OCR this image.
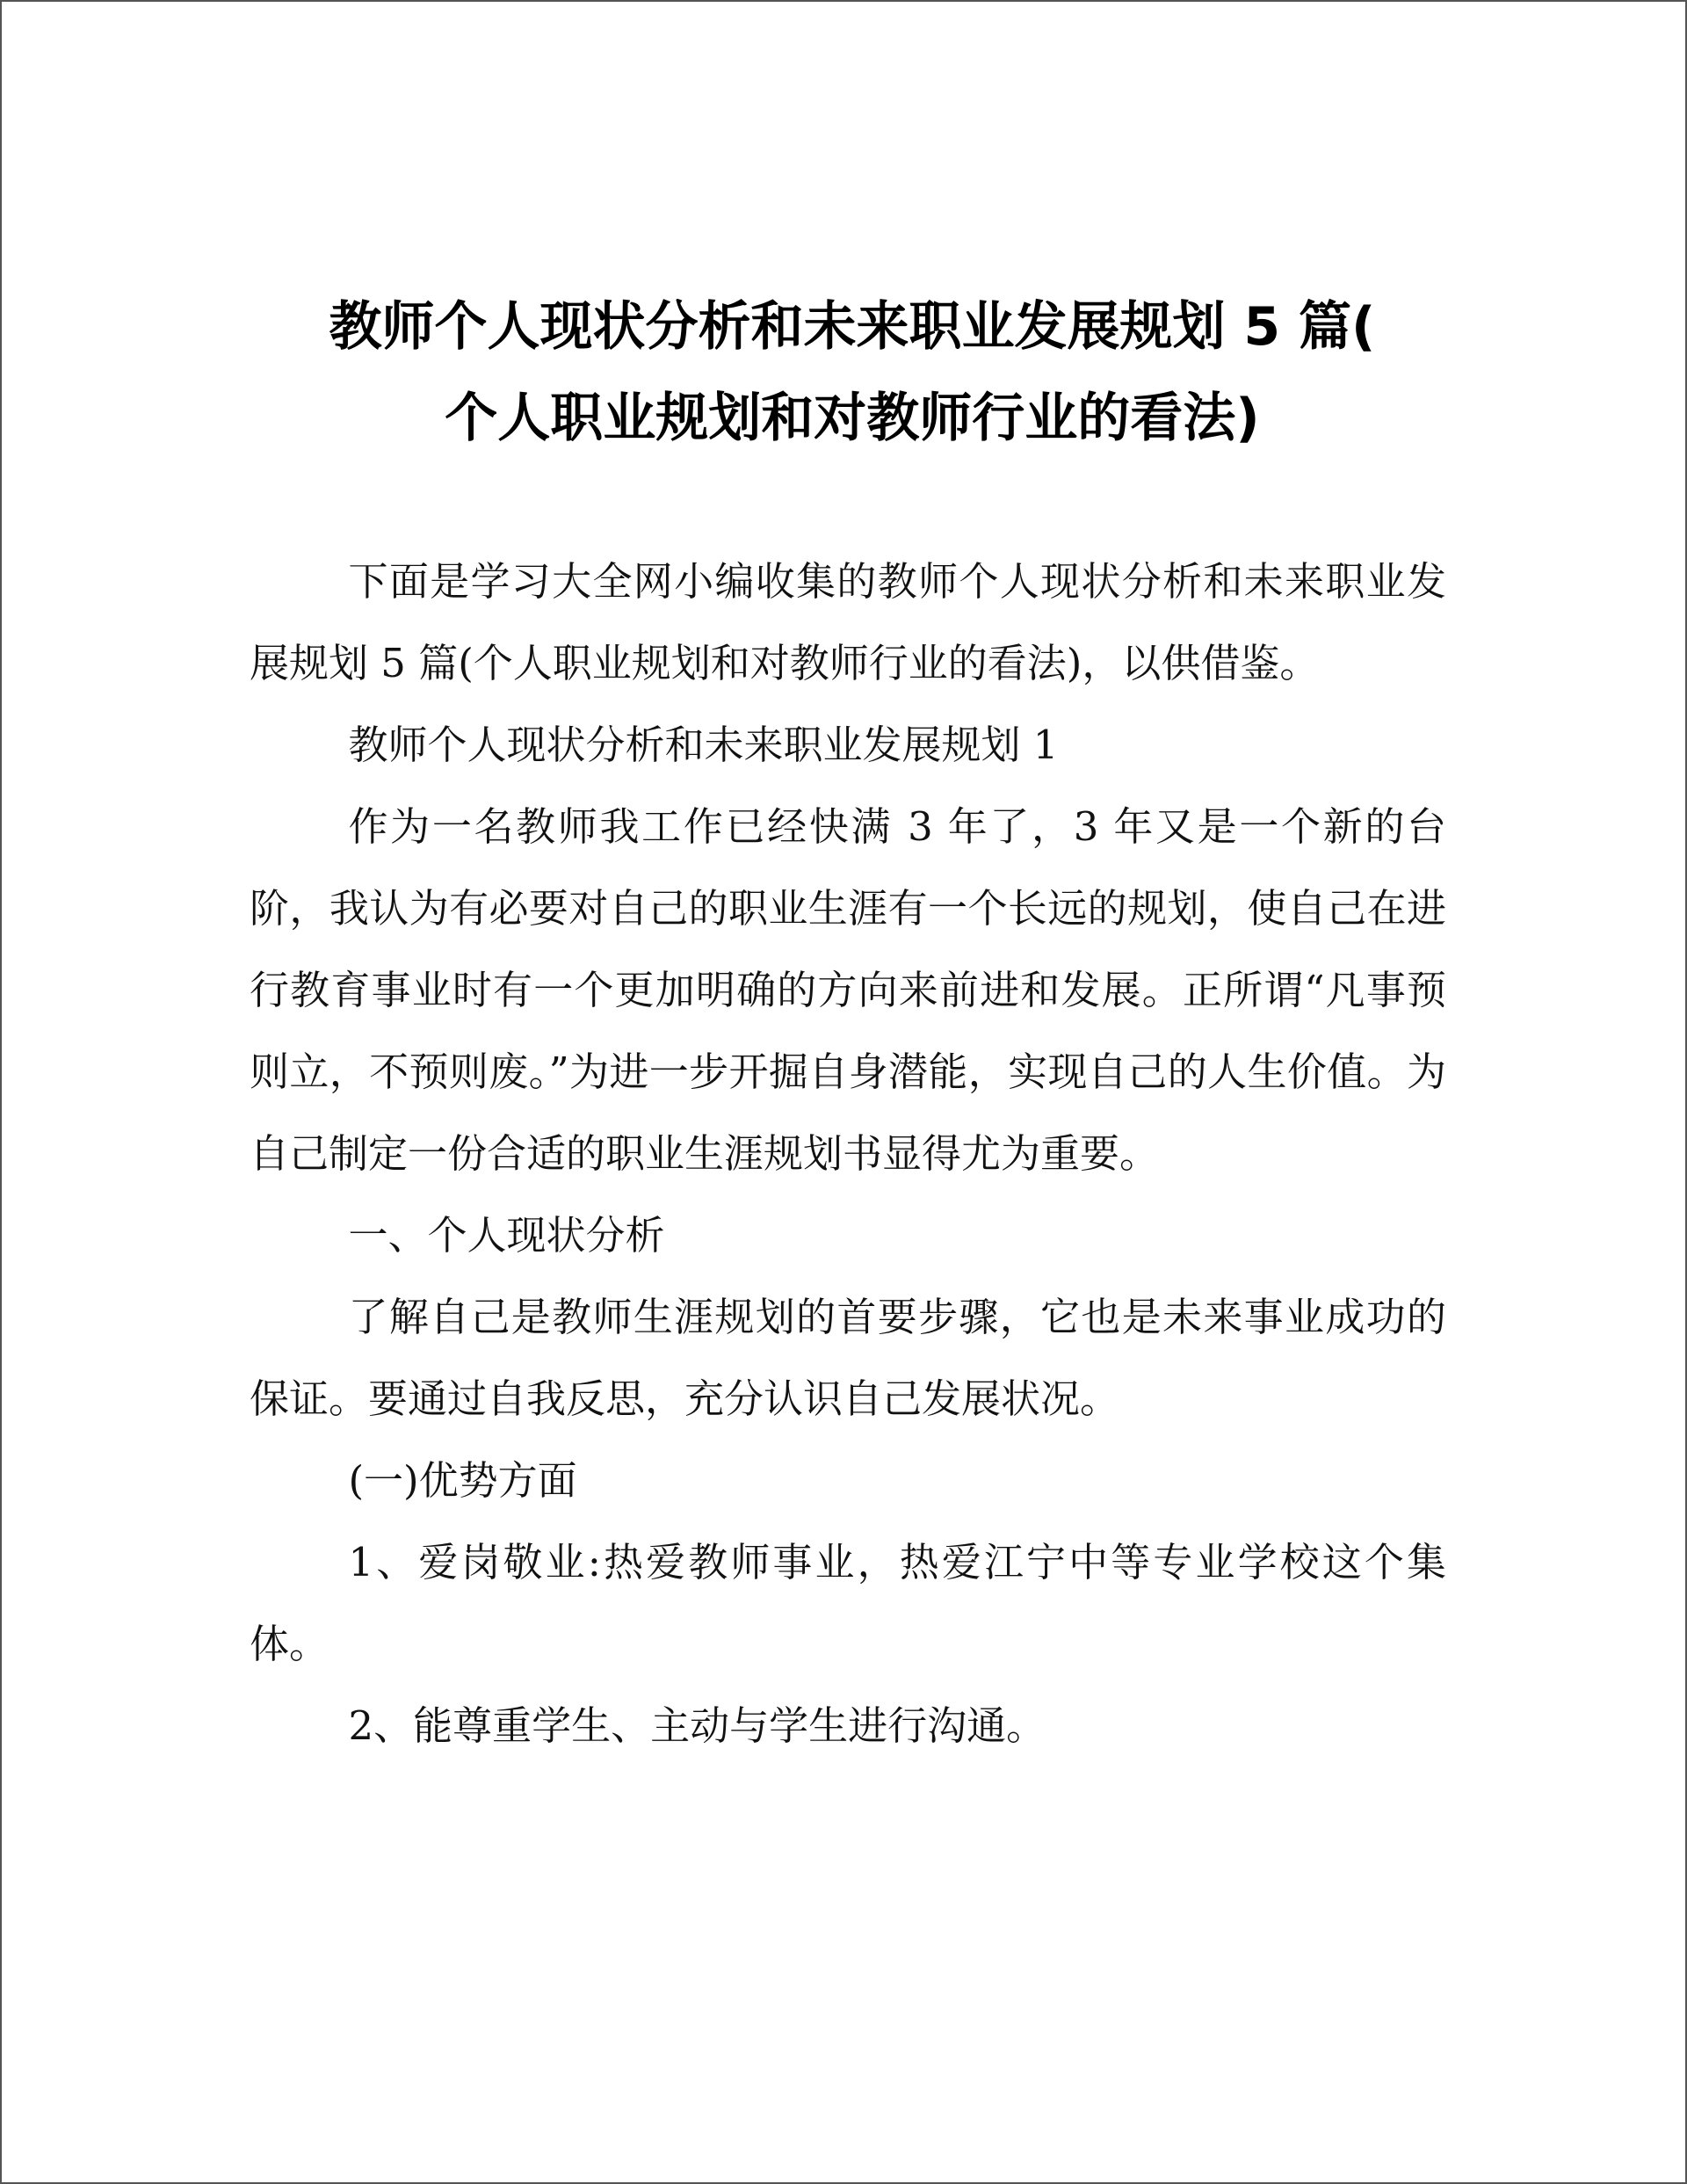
教师个人现状分析和未来职业发展规划 5 篇(
个人职业规划和对教师行业的看法)

下面是学习大全网小编收集的教师个人现状分析和未来职业发展规划 5 篇(个人职业规划和对教师行业的看法)，以供借鉴。

教师个人现状分析和未来职业发展规划 1

作为一名教师我工作已经快满 3 年了，3 年又是一个新的台阶，我认为有必要对自己的职业生涯有一个长远的规划，使自己在进行教育事业时有一个更加明确的方向来前进和发展。正所谓“凡事预则立，不预则废。”为进一步开掘自身潜能，实现自己的人生价值。为自己制定一份合适的职业生涯规划书显得尤为重要。

一、个人现状分析

了解自己是教师生涯规划的首要步骤，它也是未来事业成功的保证。要通过自我反思，充分认识自己发展状况。

(一)优势方面

1、爱岗敬业:热爱教师事业，热爱江宁中等专业学校这个集体。

2、能尊重学生、主动与学生进行沟通。
